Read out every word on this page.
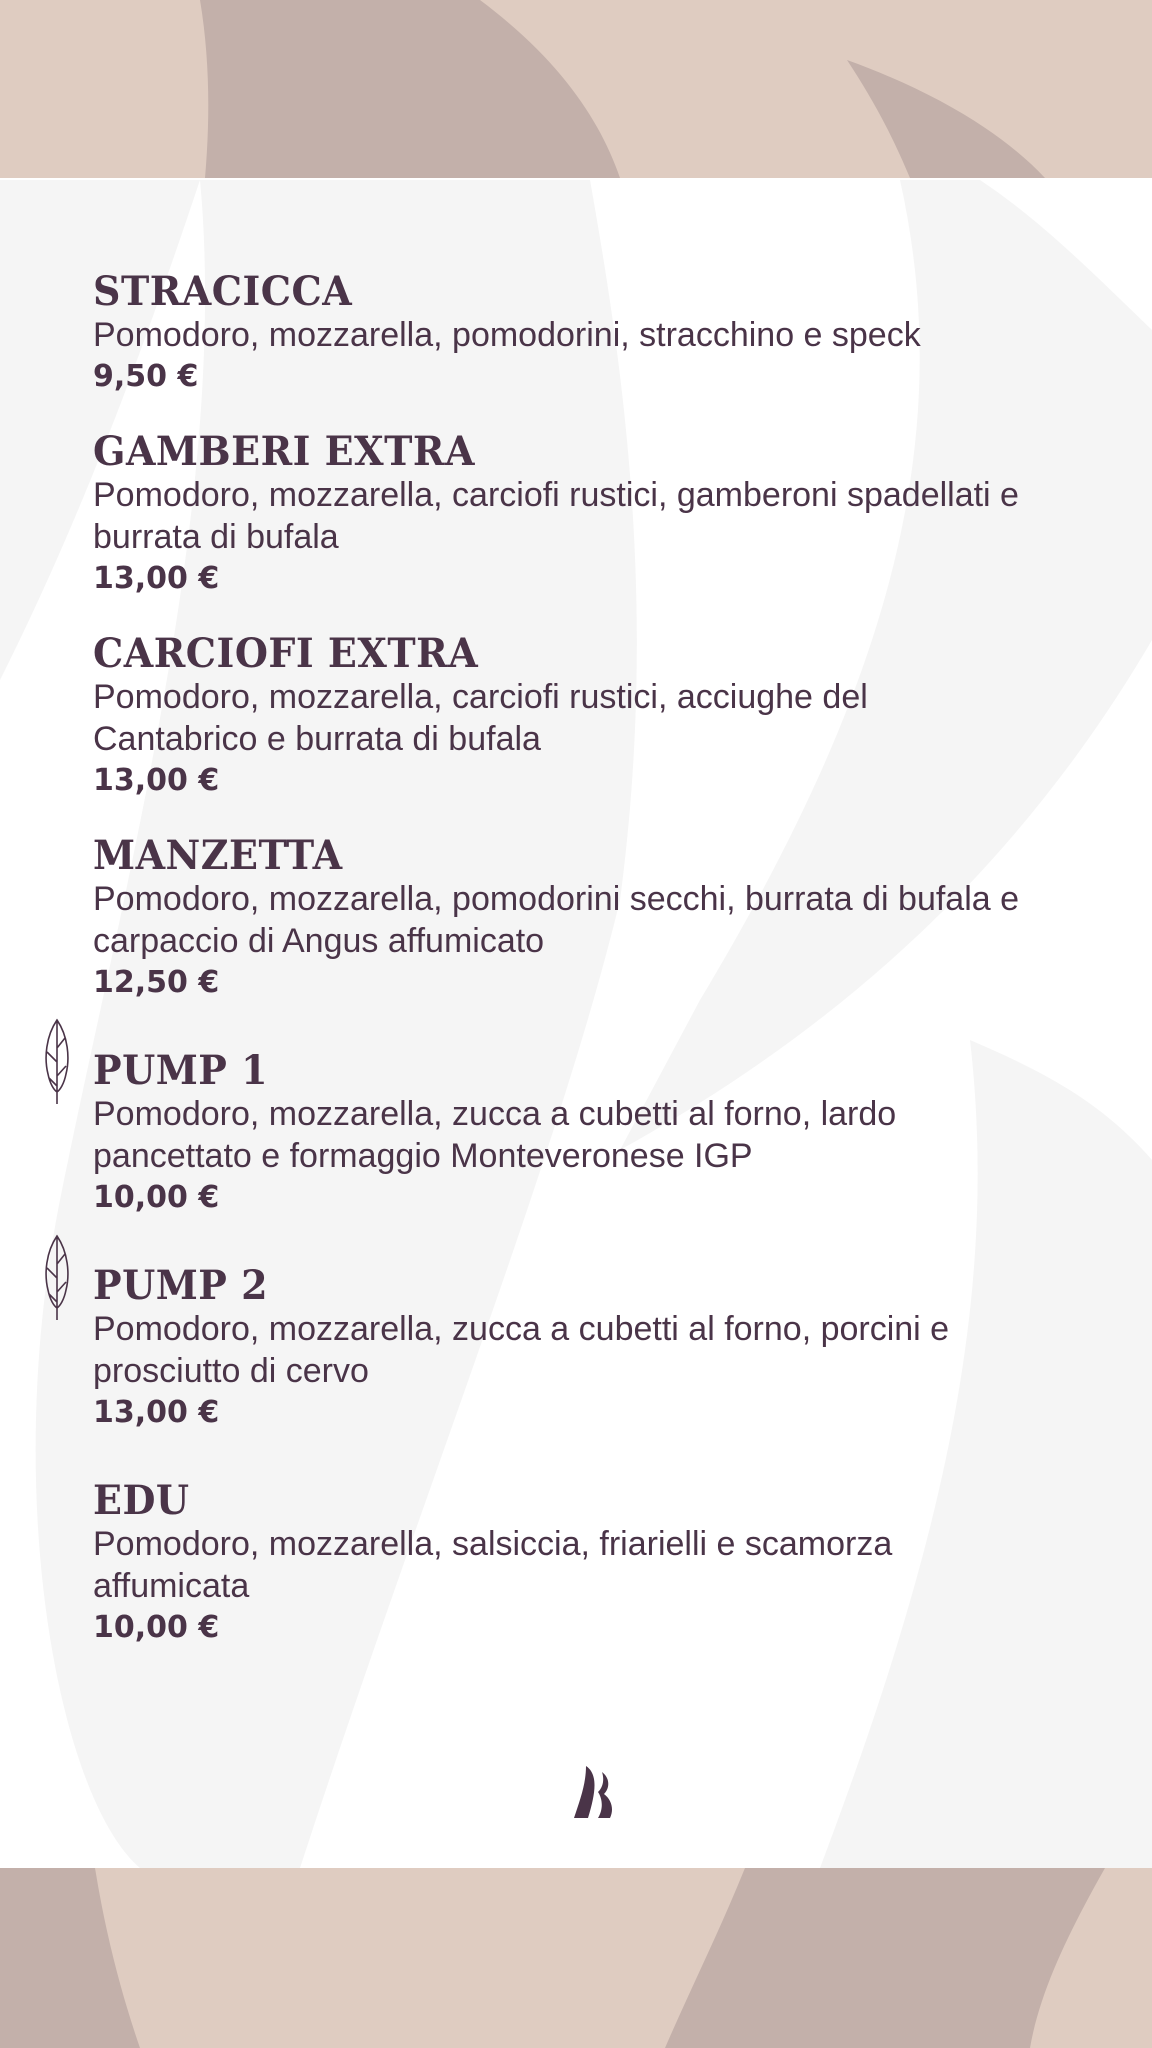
STRACICCA
Pomodoro, mozzarella, pomodorini, stracchino e speck
9,50 €
GAMBERI EXTRA
Pomodoro, mozzarella, carciofi rustici, gamberoni spadellati e burrata di bufala
13,00 €
CARCIOFI EXTRA
Pomodoro, mozzarella, carciofi rustici, acciughe del Cantabrico e burrata di bufala
13,00 €
MANZETTA
Pomodoro, mozzarella, pomodorini secchi, burrata di bufala e carpaccio di Angus affumicato
12,50 €
PUMP 1
Pomodoro, mozzarella, zucca a cubetti al forno, lardo pancettato e formaggio Monteveronese IGP
10,00 €
PUMP 2
Pomodoro, mozzarella, zucca a cubetti al forno, porcini e prosciutto di cervo
13,00 €
EDU
Pomodoro, mozzarella, salsiccia, friarielli e scamorza affumicata
10,00 €
